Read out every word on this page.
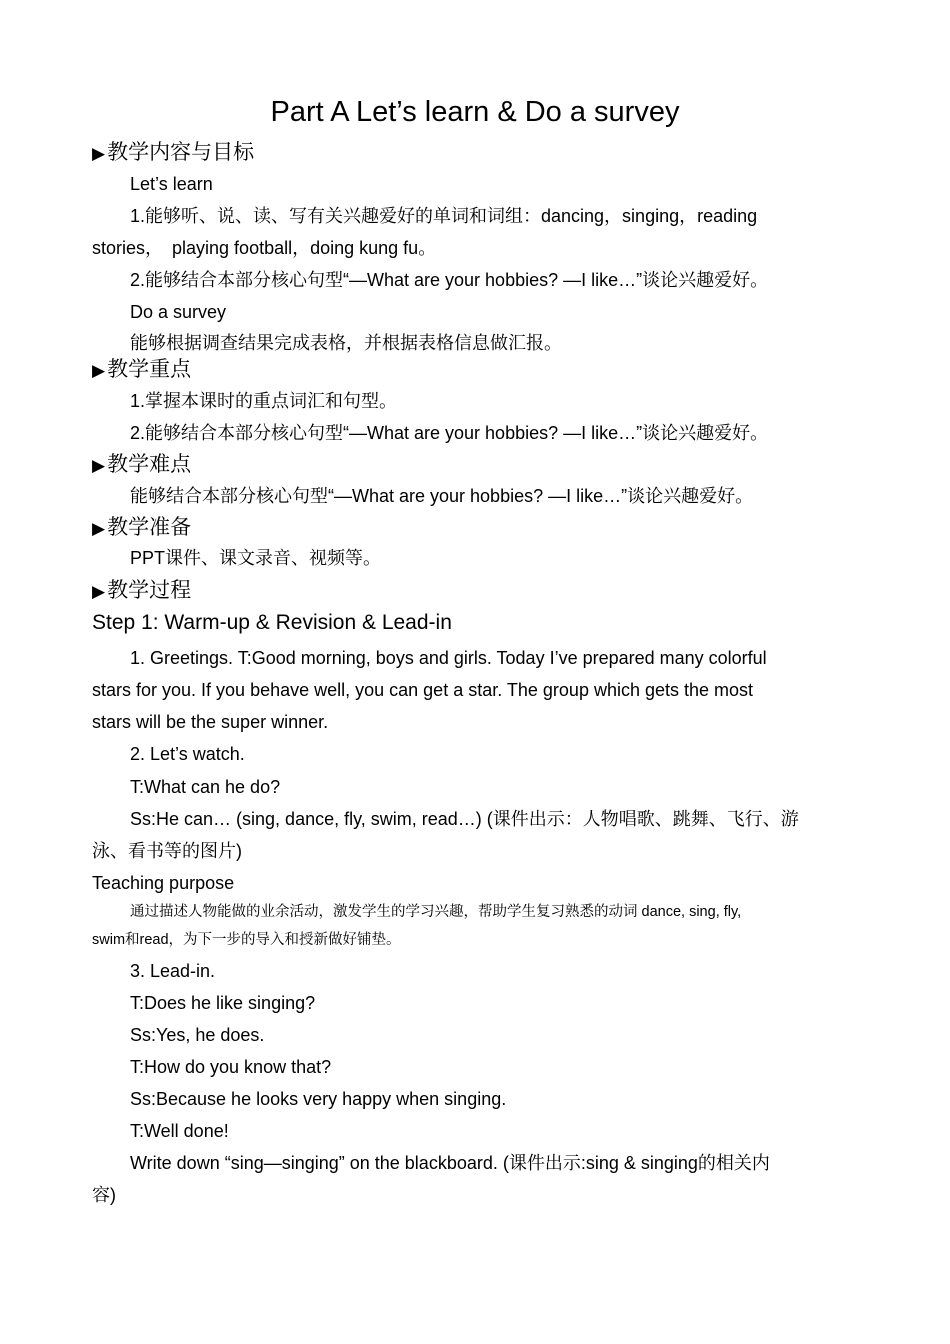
Part A Let’s learn & Do a survey
▶教学内容与目标
Let’s learn
1.能够听、说、读、写有关兴趣爱好的单词和词组：dancing，singing，reading
stories，　playing football，doing kung fu。
2.能够结合本部分核心句型“—What are your hobbies? —I like…”谈论兴趣爱好。
Do a survey
能够根据调查结果完成表格，并根据表格信息做汇报。
▶教学重点
1.掌握本课时的重点词汇和句型。
2.能够结合本部分核心句型“—What are your hobbies? —I like…”谈论兴趣爱好。
▶教学难点
能够结合本部分核心句型“—What are your hobbies? —I like…”谈论兴趣爱好。
▶教学准备
PPT课件、课文录音、视频等。
▶教学过程
Step 1: Warm-up & Revision & Lead-in
1. Greetings. T:Good morning, boys and girls. Today I’ve prepared many colorful
stars for you. If you behave well, you can get a star. The group which gets the most
stars will be the super winner.
2. Let’s watch.
T:What can he do?
Ss:He can… (sing, dance, fly, swim, read…) (课件出示：人物唱歌、跳舞、飞行、游
泳、看书等的图片)
Teaching purpose
通过描述人物能做的业余活动，激发学生的学习兴趣，帮助学生复习熟悉的动词 dance, sing, fly,
swim和read，为下一步的导入和授新做好铺垫。
3. Lead-in.
T:Does he like singing?
Ss:Yes, he does.
T:How do you know that?
Ss:Because he looks very happy when singing.
T:Well done!
Write down “sing—singing” on the blackboard. (课件出示:sing & singing的相关内
容)
